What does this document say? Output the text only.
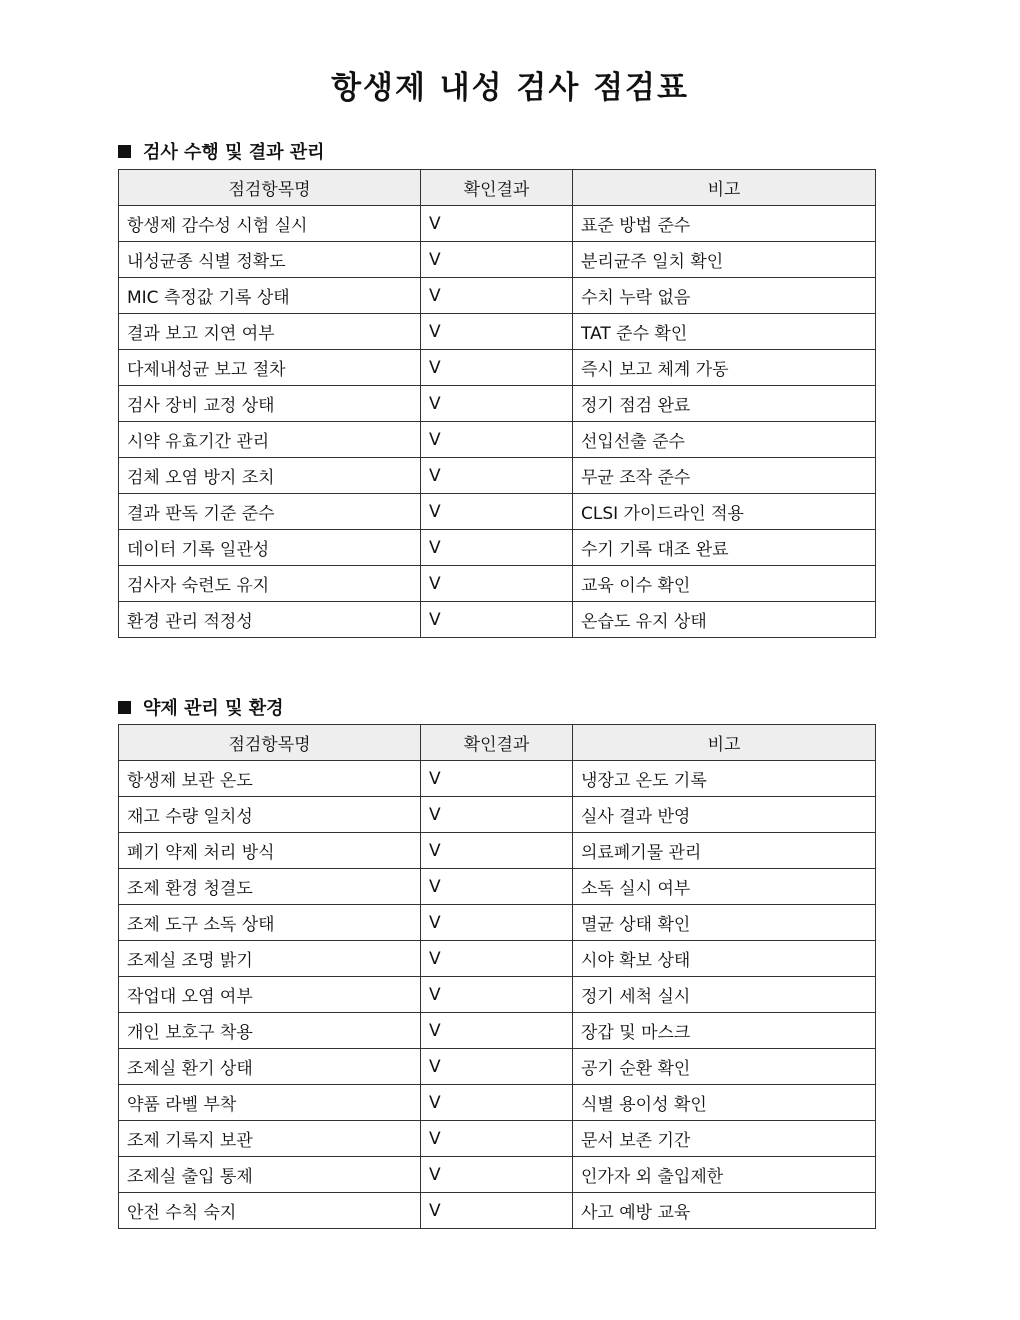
항생제 내성 검사 점검표
검사 수행 및 결과 관리
점검항목명	확인결과	비고
항생제 감수성 시험 실시	V	표준 방법 준수
내성균종 식별 정확도	V	분리균주 일치 확인
MIC 측정값 기록 상태	V	수치 누락 없음
결과 보고 지연 여부	V	TAT 준수 확인
다제내성균 보고 절차	V	즉시 보고 체계 가동
검사 장비 교정 상태	V	정기 점검 완료
시약 유효기간 관리	V	선입선출 준수
검체 오염 방지 조치	V	무균 조작 준수
결과 판독 기준 준수	V	CLSI 가이드라인 적용
데이터 기록 일관성	V	수기 기록 대조 완료
검사자 숙련도 유지	V	교육 이수 확인
환경 관리 적정성	V	온습도 유지 상태
약제 관리 및 환경
점검항목명	확인결과	비고
항생제 보관 온도	V	냉장고 온도 기록
재고 수량 일치성	V	실사 결과 반영
폐기 약제 처리 방식	V	의료폐기물 관리
조제 환경 청결도	V	소독 실시 여부
조제 도구 소독 상태	V	멸균 상태 확인
조제실 조명 밝기	V	시야 확보 상태
작업대 오염 여부	V	정기 세척 실시
개인 보호구 착용	V	장갑 및 마스크
조제실 환기 상태	V	공기 순환 확인
약품 라벨 부착	V	식별 용이성 확인
조제 기록지 보관	V	문서 보존 기간
조제실 출입 통제	V	인가자 외 출입제한
안전 수칙 숙지	V	사고 예방 교육
